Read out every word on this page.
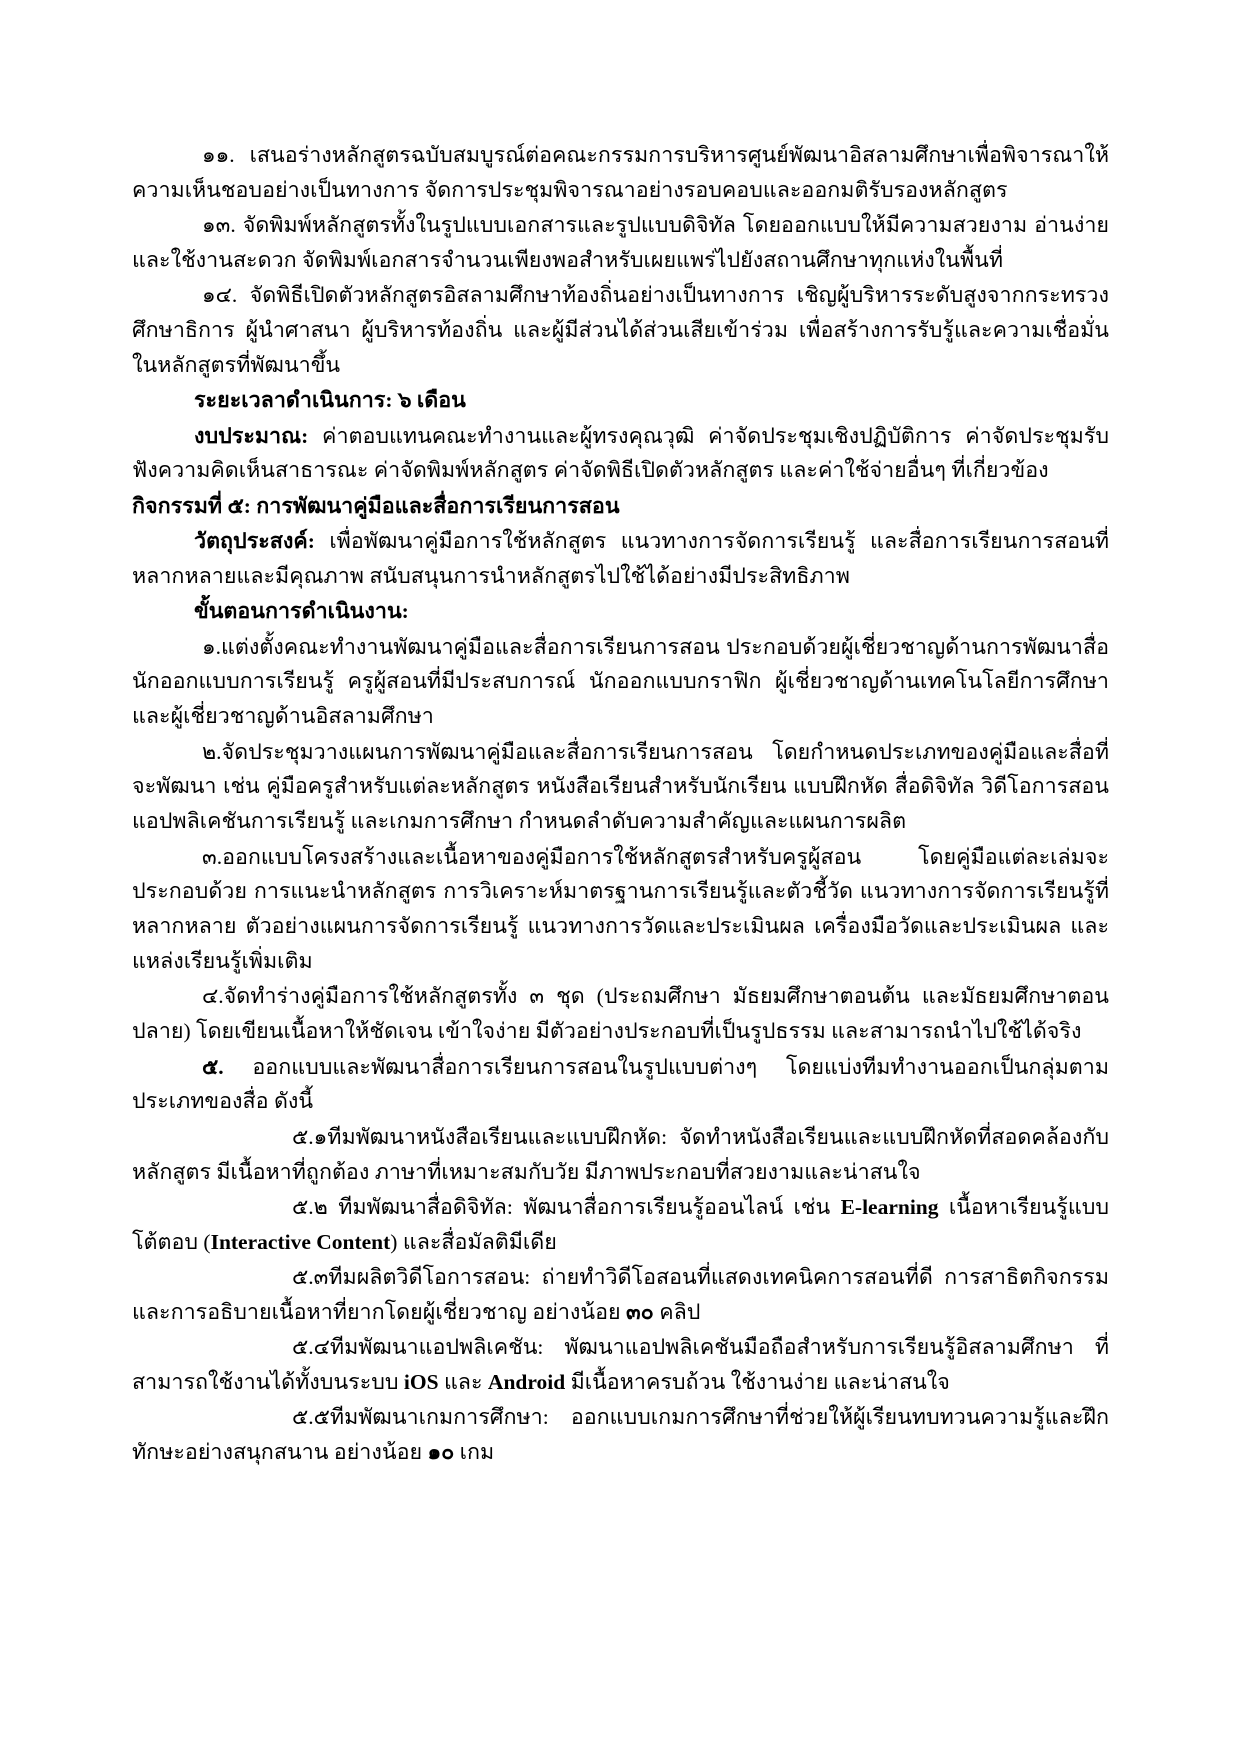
๑๑. เสนอร่างหลักสูตรฉบับสมบูรณ์ต่อคณะกรรมการบริหารศูนย์พัฒนาอิสลามศึกษาเพื่อพิจารณาให้ความเห็นชอบอย่างเป็นทางการ จัดการประชุมพิจารณาอย่างรอบคอบและออกมติรับรองหลักสูตร

๑๓. จัดพิมพ์หลักสูตรทั้งในรูปแบบเอกสารและรูปแบบดิจิทัล โดยออกแบบให้มีความสวยงาม อ่านง่าย และใช้งานสะดวก จัดพิมพ์เอกสารจำนวนเพียงพอสำหรับเผยแพร่ไปยังสถานศึกษาทุกแห่งในพื้นที่

๑๔. จัดพิธีเปิดตัวหลักสูตรอิสลามศึกษาท้องถิ่นอย่างเป็นทางการ เชิญผู้บริหารระดับสูงจากกระทรวงศึกษาธิการ ผู้นำศาสนา ผู้บริหารท้องถิ่น และผู้มีส่วนได้ส่วนเสียเข้าร่วม เพื่อสร้างการรับรู้และความเชื่อมั่นในหลักสูตรที่พัฒนาขึ้น

ระยะเวลาดำเนินการ: ๖ เดือน

งบประมาณ: ค่าตอบแทนคณะทำงานและผู้ทรงคุณวุฒิ ค่าจัดประชุมเชิงปฏิบัติการ ค่าจัดประชุมรับฟังความคิดเห็นสาธารณะ ค่าจัดพิมพ์หลักสูตร ค่าจัดพิธีเปิดตัวหลักสูตร และค่าใช้จ่ายอื่นๆ ที่เกี่ยวข้อง

กิจกรรมที่ ๕: การพัฒนาคู่มือและสื่อการเรียนการสอน

วัตถุประสงค์: เพื่อพัฒนาคู่มือการใช้หลักสูตร แนวทางการจัดการเรียนรู้ และสื่อการเรียนการสอนที่หลากหลายและมีคุณภาพ สนับสนุนการนำหลักสูตรไปใช้ได้อย่างมีประสิทธิภาพ

ขั้นตอนการดำเนินงาน:

๑.แต่งตั้งคณะทำงานพัฒนาคู่มือและสื่อการเรียนการสอน ประกอบด้วยผู้เชี่ยวชาญด้านการพัฒนาสื่อ นักออกแบบการเรียนรู้ ครูผู้สอนที่มีประสบการณ์ นักออกแบบกราฟิก ผู้เชี่ยวชาญด้านเทคโนโลยีการศึกษา และผู้เชี่ยวชาญด้านอิสลามศึกษา

๒.จัดประชุมวางแผนการพัฒนาคู่มือและสื่อการเรียนการสอน โดยกำหนดประเภทของคู่มือและสื่อที่จะพัฒนา เช่น คู่มือครูสำหรับแต่ละหลักสูตร หนังสือเรียนสำหรับนักเรียน แบบฝึกหัด สื่อดิจิทัล วิดีโอการสอน แอปพลิเคชันการเรียนรู้ และเกมการศึกษา กำหนดลำดับความสำคัญและแผนการผลิต

๓.ออกแบบโครงสร้างและเนื้อหาของคู่มือการใช้หลักสูตรสำหรับครูผู้สอน โดยคู่มือแต่ละเล่มจะประกอบด้วย การแนะนำหลักสูตร การวิเคราะห์มาตรฐานการเรียนรู้และตัวชี้วัด แนวทางการจัดการเรียนรู้ที่หลากหลาย ตัวอย่างแผนการจัดการเรียนรู้ แนวทางการวัดและประเมินผล เครื่องมือวัดและประเมินผล และแหล่งเรียนรู้เพิ่มเติม

๔.จัดทำร่างคู่มือการใช้หลักสูตรทั้ง ๓ ชุด (ประถมศึกษา มัธยมศึกษาตอนต้น และมัธยมศึกษาตอนปลาย) โดยเขียนเนื้อหาให้ชัดเจน เข้าใจง่าย มีตัวอย่างประกอบที่เป็นรูปธรรม และสามารถนำไปใช้ได้จริง

๕. ออกแบบและพัฒนาสื่อการเรียนการสอนในรูปแบบต่างๆ โดยแบ่งทีมทำงานออกเป็นกลุ่มตามประเภทของสื่อ ดังนี้

๕.๑ทีมพัฒนาหนังสือเรียนและแบบฝึกหัด: จัดทำหนังสือเรียนและแบบฝึกหัดที่สอดคล้องกับหลักสูตร มีเนื้อหาที่ถูกต้อง ภาษาที่เหมาะสมกับวัย มีภาพประกอบที่สวยงามและน่าสนใจ

๕.๒ ทีมพัฒนาสื่อดิจิทัล: พัฒนาสื่อการเรียนรู้ออนไลน์ เช่น E-learning เนื้อหาเรียนรู้แบบโต้ตอบ (Interactive Content) และสื่อมัลติมีเดีย

๕.๓ทีมผลิตวิดีโอการสอน: ถ่ายทำวิดีโอสอนที่แสดงเทคนิคการสอนที่ดี การสาธิตกิจกรรม และการอธิบายเนื้อหาที่ยากโดยผู้เชี่ยวชาญ อย่างน้อย ๓๐ คลิป

๕.๔ทีมพัฒนาแอปพลิเคชัน: พัฒนาแอปพลิเคชันมือถือสำหรับการเรียนรู้อิสลามศึกษา ที่สามารถใช้งานได้ทั้งบนระบบ iOS และ Android มีเนื้อหาครบถ้วน ใช้งานง่าย และน่าสนใจ

๕.๕ทีมพัฒนาเกมการศึกษา: ออกแบบเกมการศึกษาที่ช่วยให้ผู้เรียนทบทวนความรู้และฝึกทักษะอย่างสนุกสนาน อย่างน้อย ๑๐ เกม
